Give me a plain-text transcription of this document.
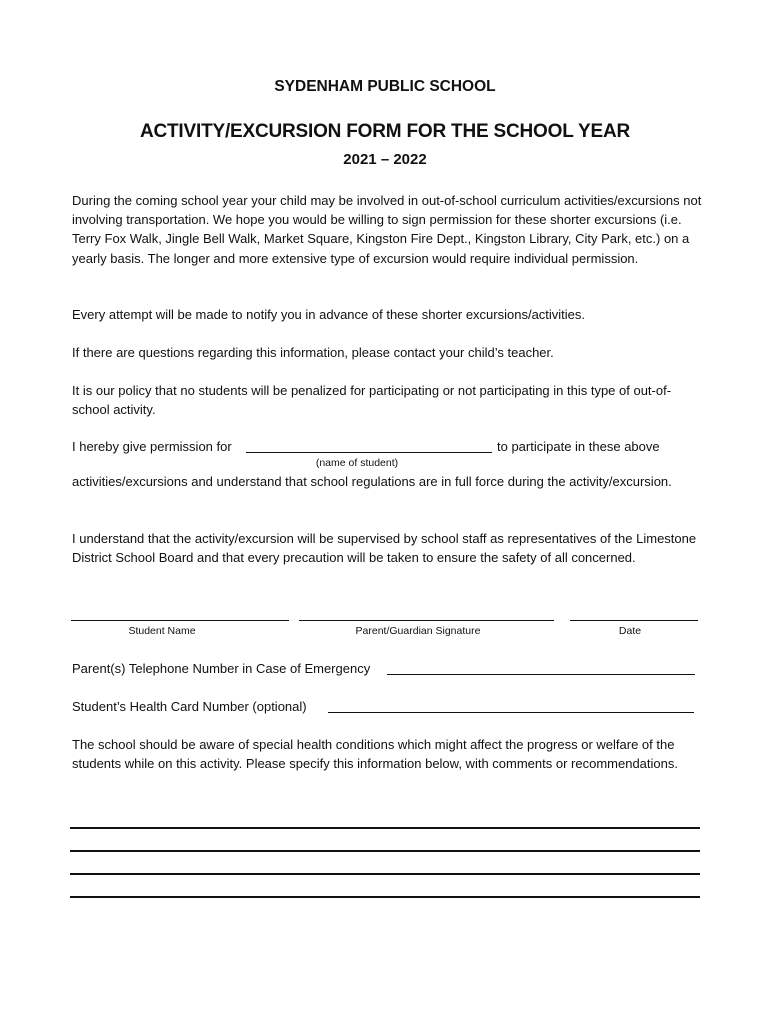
SYDENHAM PUBLIC SCHOOL
ACTIVITY/EXCURSION FORM FOR THE SCHOOL YEAR
2021 – 2022
During the coming school year your child may be involved in out-of-school curriculum activities/excursions not involving transportation. We hope you would be willing to sign permission for these shorter excursions (i.e. Terry Fox Walk, Jingle Bell Walk, Market Square, Kingston Fire Dept., Kingston Library, City Park, etc.) on a yearly basis. The longer and more extensive type of excursion would require individual permission.
Every attempt will be made to notify you in advance of these shorter excursions/activities.
If there are questions regarding this information, please contact your child’s teacher.
It is our policy that no students will be penalized for participating or not participating in this type of out-of-school activity.
I hereby give permission for	to participate in these above
(name of student)
activities/excursions and understand that school regulations are in full force during the activity/excursion.
I understand that the activity/excursion will be supervised by school staff as representatives of the Limestone District School Board and that every precaution will be taken to ensure the safety of all concerned.
Student Name	Parent/Guardian Signature	Date
Parent(s) Telephone Number in Case of Emergency
Student’s Health Card Number (optional)
The school should be aware of special health conditions which might affect the progress or welfare of the students while on this activity. Please specify this information below, with comments or recommendations.
